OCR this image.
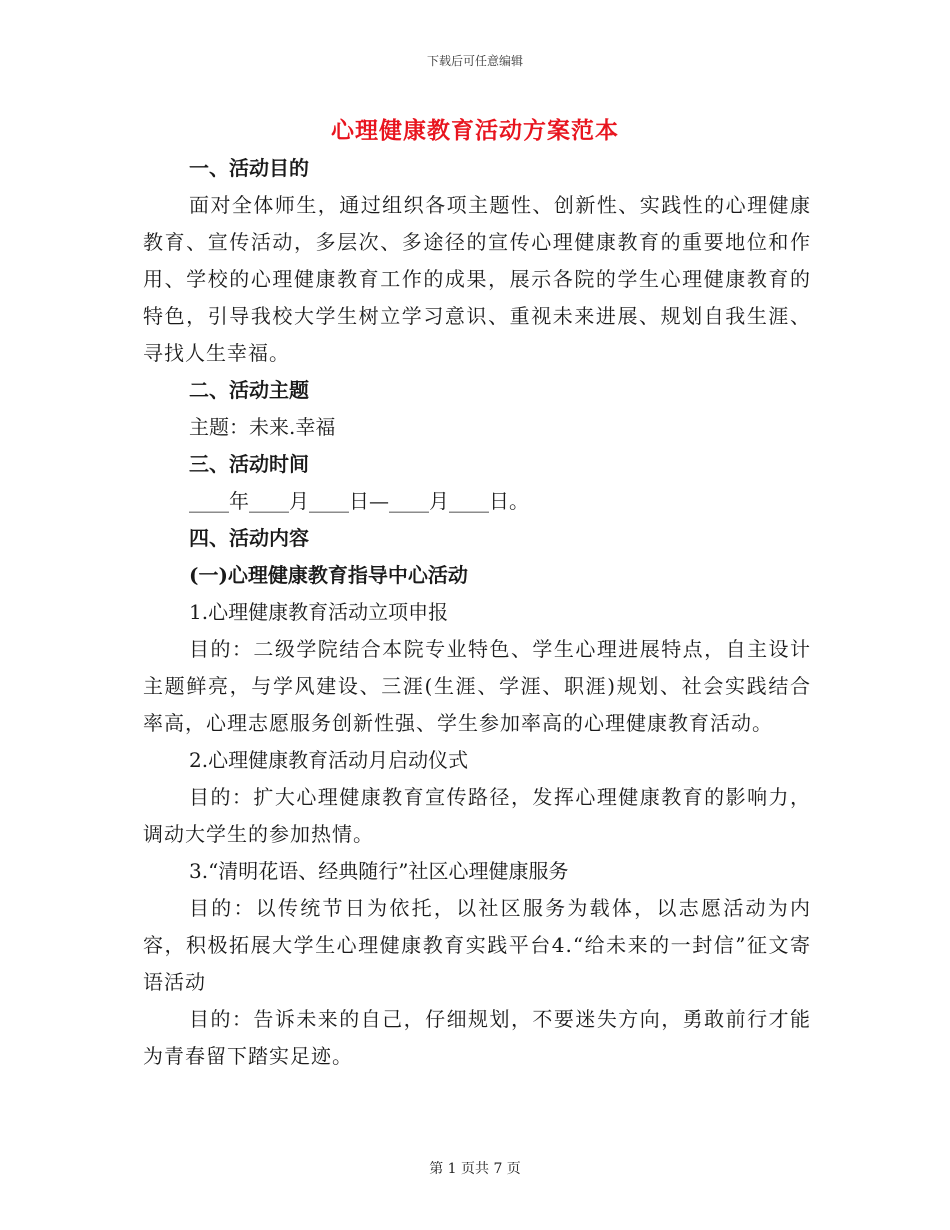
下载后可任意编辑
心理健康教育活动方案范本
一、活动目的
面对全体师生，通过组织各项主题性、创新性、实践性的心理健康教育、宣传活动，多层次、多途径的宣传心理健康教育的重要地位和作用、学校的心理健康教育工作的成果，展示各院的学生心理健康教育的特色，引导我校大学生树立学习意识、重视未来进展、规划自我生涯、寻找人生幸福。
二、活动主题
主题：未来.幸福
三、活动时间
____年____月____日—____月____日。
四、活动内容
(一)心理健康教育指导中心活动
1.心理健康教育活动立项申报
目的：二级学院结合本院专业特色、学生心理进展特点，自主设计主题鲜亮，与学风建设、三涯(生涯、学涯、职涯)规划、社会实践结合率高，心理志愿服务创新性强、学生参加率高的心理健康教育活动。
2.心理健康教育活动月启动仪式
目的：扩大心理健康教育宣传路径，发挥心理健康教育的影响力，调动大学生的参加热情。
3.“清明花语、经典随行”社区心理健康服务
目的：以传统节日为依托，以社区服务为载体，以志愿活动为内容，积极拓展大学生心理健康教育实践平台4.“给未来的一封信”征文寄语活动
目的：告诉未来的自己，仔细规划，不要迷失方向，勇敢前行才能为青春留下踏实足迹。
第 1 页共 7 页
